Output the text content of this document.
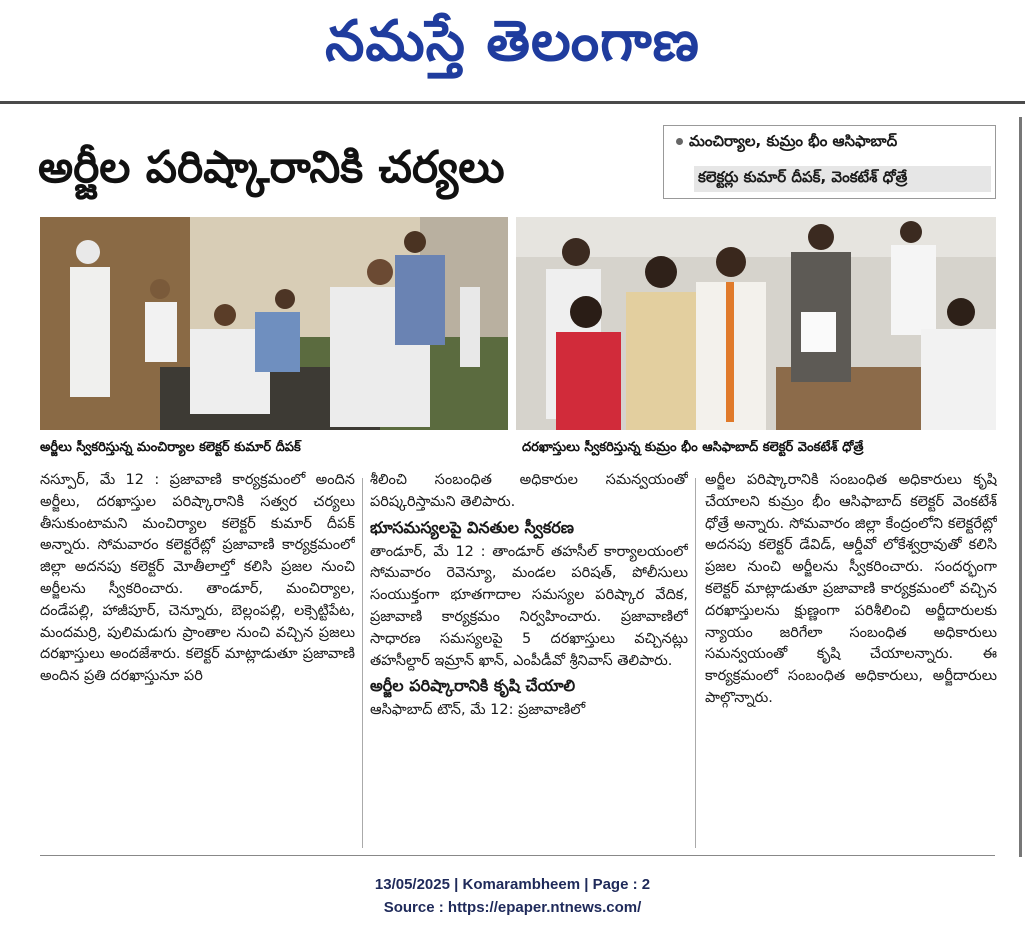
నమస్తే తెలంగాణ
అర్జీల పరిష్కారానికి చర్యలు
మంచిర్యాల, కుమ్రం భీం ఆసిఫాబాద్
కలెక్టర్లు కుమార్ దీపక్, వెంకటేశ్ ధోత్రే
అర్జీలు స్వీకరిస్తున్న మంచిర్యాల కలెక్టర్ కుమార్ దీపక్	దరఖాస్తులు స్వీకరిస్తున్న కుమ్రం భీం ఆసిఫాబాద్ కలెక్టర్ వెంకటేశ్ ధోత్రే

నస్పూర్, మే 12 : ప్రజావాణి కార్యక్రమంలో అందిన అర్జీలు, దరఖాస్తుల పరిష్కారానికి సత్వర చర్యలు తీసుకుంటామని మంచిర్యాల కలెక్టర్ కుమార్ దీపక్ అన్నారు. సోమవారం కలెక్టరేట్లో ప్రజావాణి కార్యక్రమంలో జిల్లా అదనపు కలెక్టర్ మోతీలాల్తో కలిసి ప్రజల నుంచి అర్జీలను స్వీకరించారు. తాండూర్, మంచిర్యాల, దండేపల్లి, హాజీపూర్, చెన్నూరు, బెల్లంపల్లి, లక్సెట్టిపేట, మందమర్రి, పులిమడుగు ప్రాంతాల నుంచి వచ్చిన ప్రజలు దరఖాస్తులు అందజేశారు. కలెక్టర్ మాట్లాడుతూ ప్రజావాణి అందిన ప్రతి దరఖాస్తునూ పరి

శీలించి సంబంధిత అధికారుల సమన్వయంతో పరిష్కరిస్తామని తెలిపారు.

భూసమస్యలపై వినతుల స్వీకరణ

తాండూర్, మే 12 : తాండూర్ తహసీల్ కార్యాలయంలో సోమవారం రెవెన్యూ, మండల పరిషత్, పోలీసులు సంయుక్తంగా భూతగాదాల సమస్యల పరిష్కార వేదిక, ప్రజావాణి కార్యక్రమం నిర్వహించారు. ప్రజావాణిలో సాధారణ సమస్యలపై 5 దరఖాస్తులు వచ్చినట్లు తహసీల్దార్ ఇమ్రాన్ ఖాన్, ఎంపీడీవో శ్రీనివాస్ తెలిపారు.

అర్జీల పరిష్కారానికి కృషి చేయాలి

ఆసిఫాబాద్ టౌన్, మే 12: ప్రజావాణిలో

అర్జీల పరిష్కారానికి సంబంధిత అధికారులు కృషి చేయాలని కుమ్రం భీం ఆసిఫాబాద్ కలెక్టర్ వెంకటేశ్ ధోత్రే అన్నారు. సోమవారం జిల్లా కేంద్రంలోని కలెక్టరేట్లో అదనపు కలెక్టర్ డేవిడ్, ఆర్డీవో లోకేశ్వర్రావుతో కలిసి ప్రజల నుంచి అర్జీలను స్వీకరించారు. సందర్భంగా కలెక్టర్ మాట్లాడుతూ ప్రజావాణి కార్యక్రమంలో వచ్చిన దరఖాస్తులను క్షుణ్ణంగా పరిశీలించి అర్జీదారులకు న్యాయం జరిగేలా సంబంధిత అధికారులు సమన్వయంతో కృషి చేయాలన్నారు. ఈ కార్యక్రమంలో సంబంధిత అధికారులు, అర్జీదారులు పాల్గొన్నారు.

13/05/2025 | Komarambheem | Page : 2
Source : https://epaper.ntnews.com/
